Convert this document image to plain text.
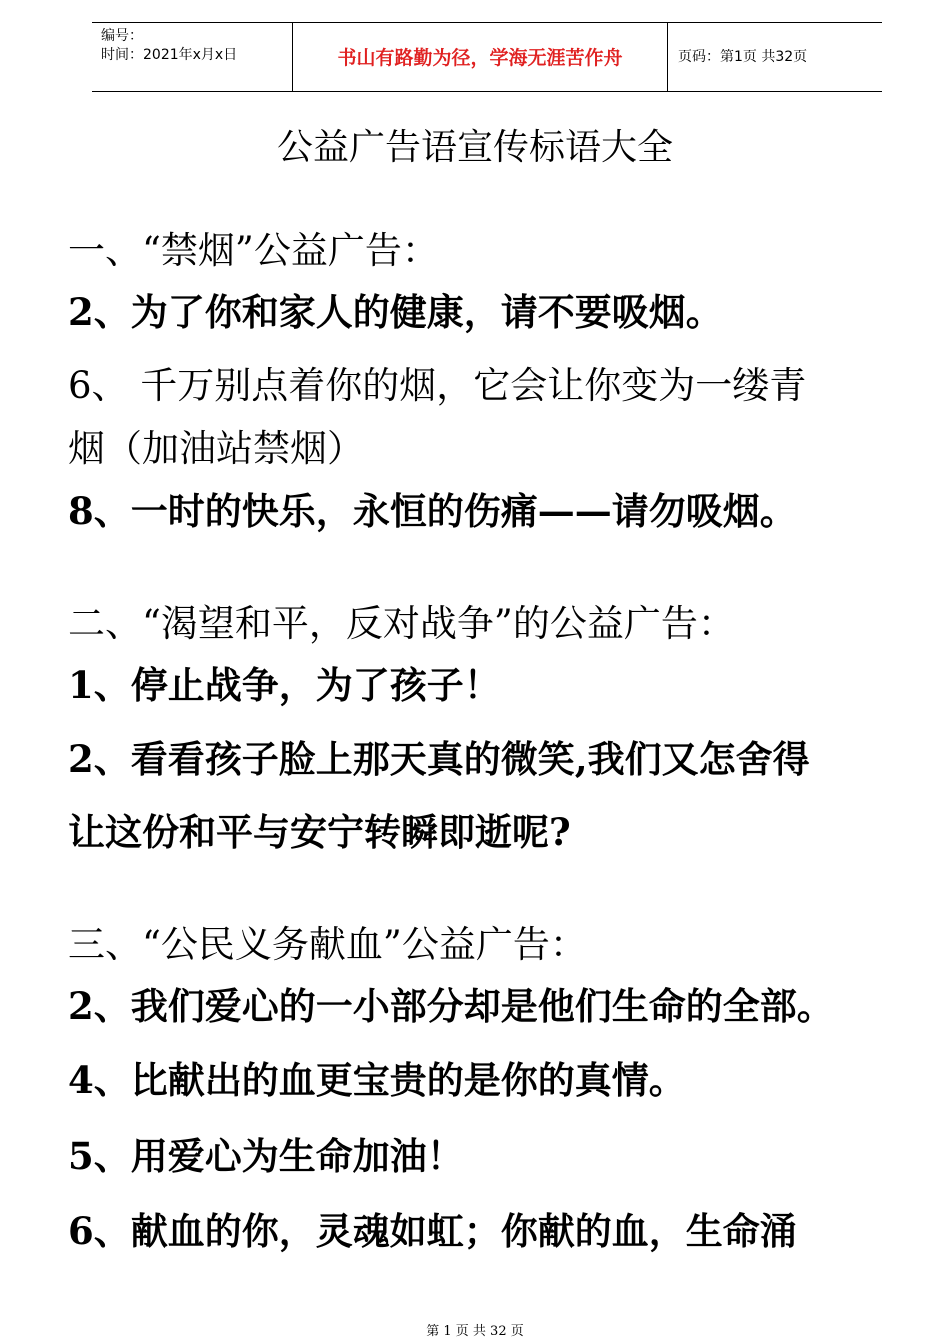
编号：
时间：2021年x月x日	书山有路勤为径，学海无涯苦作舟	页码：第1页 共32页
公益广告语宣传标语大全
一、“禁烟”公益广告：
2、为了你和家人的健康，请不要吸烟。
6、 千万别点着你的烟，它会让你变为一缕青
烟（加油站禁烟）
8、一时的快乐，永恒的伤痛——请勿吸烟。
二、“渴望和平，反对战争”的公益广告：
1、停止战争，为了孩子！
2、看看孩子脸上那天真的微笑,我们又怎舍得
让这份和平与安宁转瞬即逝呢?
三、“公民义务献血”公益广告：
2、我们爱心的一小部分却是他们生命的全部。
4、比献出的血更宝贵的是你的真情。
5、用爱心为生命加油！
6、献血的你，灵魂如虹；你献的血，生命涌
第 1 页 共 32 页
